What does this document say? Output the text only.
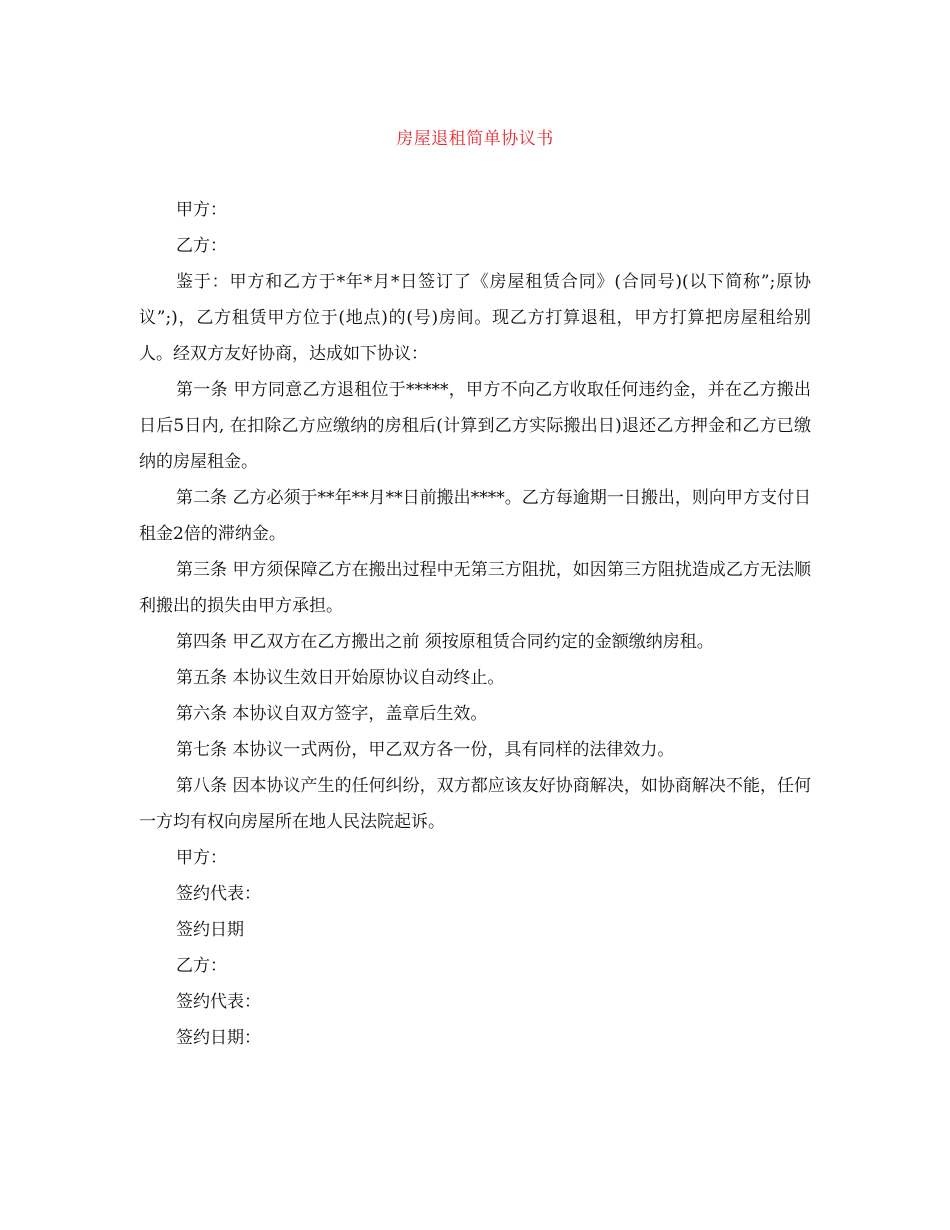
房屋退租简单协议书

甲方：

乙方：

鉴于：甲方和乙方于*年*月*日签订了《房屋租赁合同》(合同号)(以下简称”;原协议”;)，乙方租赁甲方位于(地点)的(号)房间。现乙方打算退租，甲方打算把房屋租给别人。经双方友好协商，达成如下协议：

第一条 甲方同意乙方退租位于*****，甲方不向乙方收取任何违约金，并在乙方搬出日后5日内, 在扣除乙方应缴纳的房租后(计算到乙方实际搬出日)退还乙方押金和乙方已缴纳的房屋租金。

第二条 乙方必须于**年**月**日前搬出****。乙方每逾期一日搬出，则向甲方支付日租金2倍的滞纳金。

第三条 甲方须保障乙方在搬出过程中无第三方阻扰，如因第三方阻扰造成乙方无法顺利搬出的损失由甲方承担。

第四条 甲乙双方在乙方搬出之前 须按原租赁合同约定的金额缴纳房租。

第五条 本协议生效日开始原协议自动终止。

第六条 本协议自双方签字，盖章后生效。

第七条 本协议一式两份，甲乙双方各一份，具有同样的法律效力。

第八条 因本协议产生的任何纠纷，双方都应该友好协商解决，如协商解决不能，任何一方均有权向房屋所在地人民法院起诉。

甲方：

签约代表：

签约日期

乙方：

签约代表：

签约日期：
